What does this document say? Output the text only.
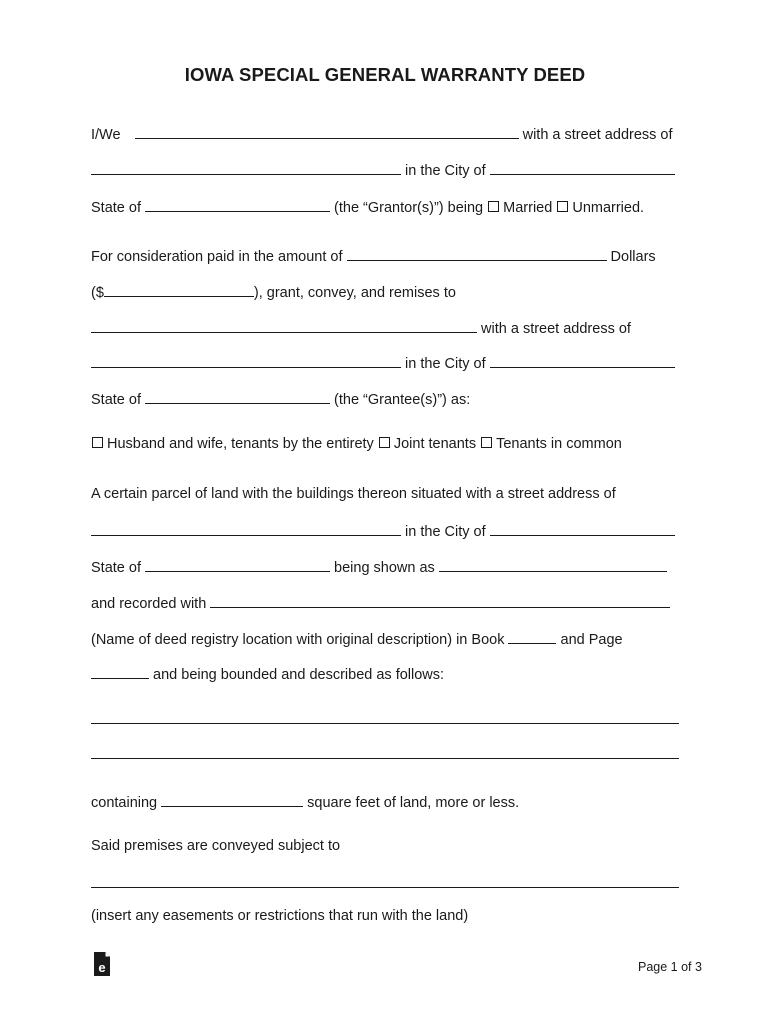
IOWA SPECIAL GENERAL WARRANTY DEED
I/We	with a street address of
in the City of
State of	(the “Grantor(s)”) being Married Unmarried.
For consideration paid in the amount of	Dollars
($	), grant, convey, and remises to
with a street address of
in the City of
State of	(the “Grantee(s)”) as:
Husband and wife, tenants by the entirety Joint tenants Tenants in common
A certain parcel of land with the buildings thereon situated with a street address of
in the City of
State of	being shown as
and recorded with
(Name of deed registry location with original description) in Book	and Page
and being bounded and described as follows:
containing	square feet of land, more or less.
Said premises are conveyed subject to
(insert any easements or restrictions that run with the land)
e	Page 1 of 3
